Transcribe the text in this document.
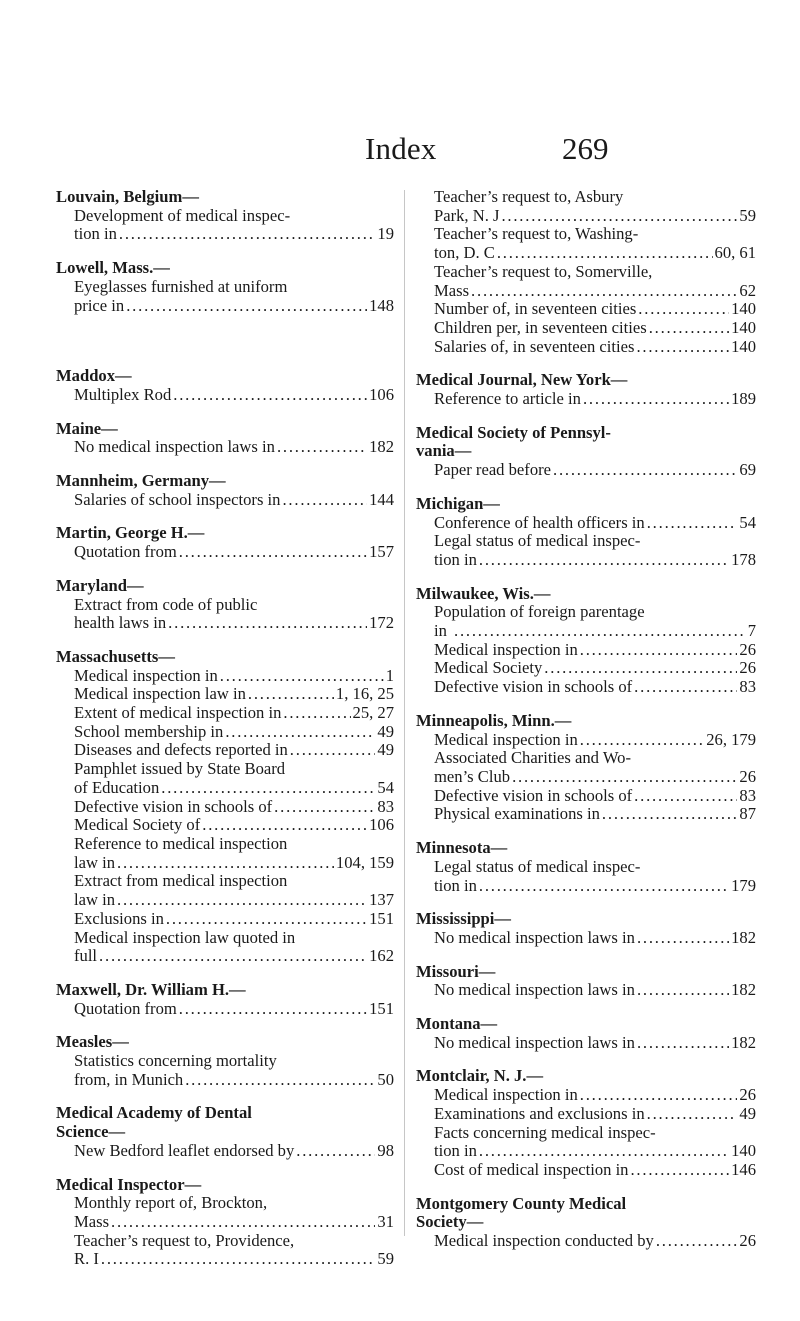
Index	269
Louvain, Belgium—
Development of medical inspec-
tion in .....	19
Lowell, Mass.—
Eyeglasses furnished at uniform
price in .....	148
Maddox—
Multiplex Rod .....	106
Maine—
No medical inspection laws in .....	182
Mannheim, Germany—
Salaries of school inspectors in .....	144
Martin, George H.—
Quotation from .....	157
Maryland—
Extract from code of public
health laws in .....	172
Massachusetts—
Medical inspection in .....	1
Medical inspection law in .....	1, 16, 25
Extent of medical inspection in .....	25, 27
School membership in .....	49
Diseases and defects reported in .....	49
Pamphlet issued by State Board
of Education .....	54
Defective vision in schools of .....	83
Medical Society of .....	106
Reference to medical inspection
law in .....	104, 159
Extract from medical inspection
law in .....	137
Exclusions in .....	151
Medical inspection law quoted in
full .....	162
Maxwell, Dr. William H.—
Quotation from .....	151
Measles—
Statistics concerning mortality
from, in Munich .....	50
Medical Academy of Dental
Science—
New Bedford leaflet endorsed by .....	98
Medical Inspector—
Monthly report of, Brockton,
Mass .....	31
Teacher’s request to, Providence,
R. I .....	59
Teacher’s request to, Asbury
Park, N. J .....	59
Teacher’s request to, Washing-
ton, D. C .....	60, 61
Teacher’s request to, Somerville,
Mass .....	62
Number of, in seventeen cities .....	140
Children per, in seventeen cities .....	140
Salaries of, in seventeen cities .....	140
Medical Journal, New York—
Reference to article in .....	189
Medical Society of Pennsyl-
vania—
Paper read before .....	69
Michigan—
Conference of health officers in .....	54
Legal status of medical inspec-
tion in .....	178
Milwaukee, Wis.—
Population of foreign parentage
in .....	7
Medical inspection in .....	26
Medical Society .....	26
Defective vision in schools of .....	83
Minneapolis, Minn.—
Medical inspection in .....	26, 179
Associated Charities and Wo-
men’s Club .....	26
Defective vision in schools of .....	83
Physical examinations in .....	87
Minnesota—
Legal status of medical inspec-
tion in .....	179
Mississippi—
No medical inspection laws in .....	182
Missouri—
No medical inspection laws in .....	182
Montana—
No medical inspection laws in .....	182
Montclair, N. J.—
Medical inspection in .....	26
Examinations and exclusions in .....	49
Facts concerning medical inspec-
tion in .....	140
Cost of medical inspection in .....	146
Montgomery County Medical
Society—
Medical inspection conducted by .....	26
